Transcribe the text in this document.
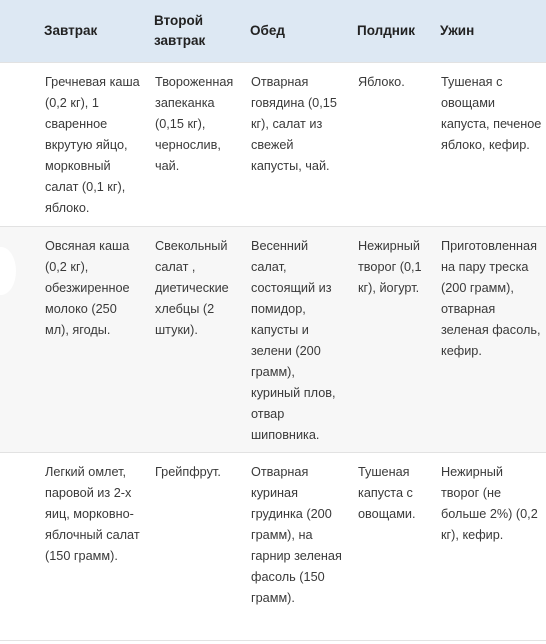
	Завтрак	Второй завтрак	Обед	Полдник	Ужин
	Гречневая каша (0,2 кг), 1 сваренное вкрутую яйцо, морковный салат (0,1 кг), яблоко.	Твороженная запеканка (0,15 кг), чернослив, чай.	Отварная говядина (0,15 кг), салат из свежей капусты, чай.	Яблоко.	Тушеная с овощами капуста, печеное яблоко, кефир.

	Овсяная каша (0,2 кг), обезжиренное молоко (250 мл), ягоды.	Свекольный салат , диетические хлебцы (2 штуки).	Весенний салат, состоящий из помидор, капусты и зелени (200 грамм), куриный плов, отвар шиповника.	Нежирный творог (0,1 кг), йогурт.	Приготовленная на пару треска (200 грамм), отварная зеленая фасоль, кефир.
	Легкий омлет, паровой из 2-х яиц, морковно-яблочный салат (150 грамм).	Грейпфрут.	Отварная куриная грудинка (200 грамм), на гарнир зеленая фасоль (150 грамм).	Тушеная капуста с овощами.	Нежирный творог (не больше 2%) (0,2 кг), кефир.
